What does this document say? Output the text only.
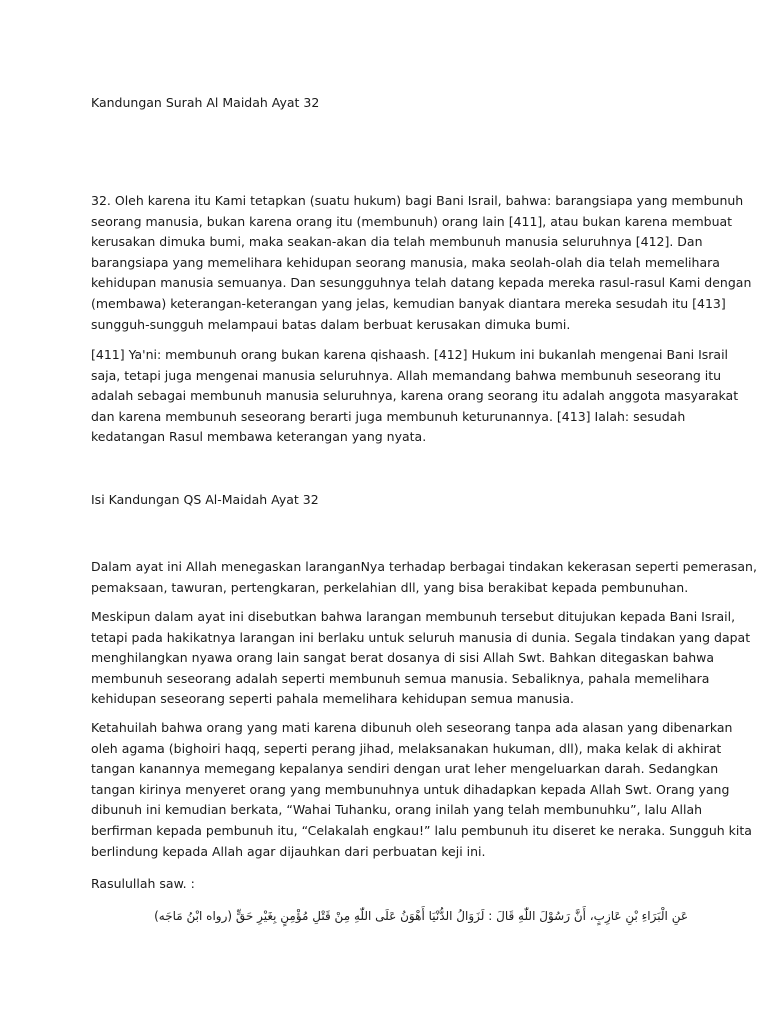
Kandungan Surah Al Maidah Ayat 32

32. Oleh karena itu Kami tetapkan (suatu hukum) bagi Bani Israil, bahwa: barangsiapa yang membunuh
seorang manusia, bukan karena orang itu (membunuh) orang lain [411], atau bukan karena membuat
kerusakan dimuka bumi, maka seakan-akan dia telah membunuh manusia seluruhnya [412]. Dan
barangsiapa yang memelihara kehidupan seorang manusia, maka seolah-olah dia telah memelihara
kehidupan manusia semuanya. Dan sesungguhnya telah datang kepada mereka rasul-rasul Kami dengan
(membawa) keterangan-keterangan yang jelas, kemudian banyak diantara mereka sesudah itu [413]
sungguh-sungguh melampaui batas dalam berbuat kerusakan dimuka bumi.

[411] Ya'ni: membunuh orang bukan karena qishaash. [412] Hukum ini bukanlah mengenai Bani Israil
saja, tetapi juga mengenai manusia seluruhnya. Allah memandang bahwa membunuh seseorang itu
adalah sebagai membunuh manusia seluruhnya, karena orang seorang itu adalah anggota masyarakat
dan karena membunuh seseorang berarti juga membunuh keturunannya. [413] Ialah: sesudah
kedatangan Rasul membawa keterangan yang nyata.

Isi Kandungan QS Al-Maidah Ayat 32

Dalam ayat ini Allah menegaskan laranganNya terhadap berbagai tindakan kekerasan seperti pemerasan,
pemaksaan, tawuran, pertengkaran, perkelahian dll, yang bisa berakibat kepada pembunuhan.

Meskipun dalam ayat ini disebutkan bahwa larangan membunuh tersebut ditujukan kepada Bani Israil,
tetapi pada hakikatnya larangan ini berlaku untuk seluruh manusia di dunia. Segala tindakan yang dapat
menghilangkan nyawa orang lain sangat berat dosanya di sisi Allah Swt. Bahkan ditegaskan bahwa
membunuh seseorang adalah seperti membunuh semua manusia. Sebaliknya, pahala memelihara
kehidupan seseorang seperti pahala memelihara kehidupan semua manusia.

Ketahuilah bahwa orang yang mati karena dibunuh oleh seseorang tanpa ada alasan yang dibenarkan
oleh agama (bighoiri haqq, seperti perang jihad, melaksanakan hukuman, dll), maka kelak di akhirat
tangan kanannya memegang kepalanya sendiri dengan urat leher mengeluarkan darah. Sedangkan
tangan kirinya menyeret orang yang membunuhnya untuk dihadapkan kepada Allah Swt. Orang yang
dibunuh ini kemudian berkata, “Wahai Tuhanku, orang inilah yang telah membunuhku”, lalu Allah
berfirman kepada pembunuh itu, “Celakalah engkau!” lalu pembunuh itu diseret ke neraka. Sungguh kita
berlindung kepada Allah agar dijauhkan dari perbuatan keji ini.

Rasulullah saw. :
عَنِ الْبَرَاءِ بْنِ عَازِبٍ، أَنَّ رَسُوْلَ اللّٰهِ قَالَ : لَزَوَالُ الدُّنْيَا أَهْوَنُ عَلَى اللّٰهِ مِنْ قَتْلِ مُؤْمِنٍ بِغَيْرِ حَقٍّ (رواه ابْنُ مَاجَه)
